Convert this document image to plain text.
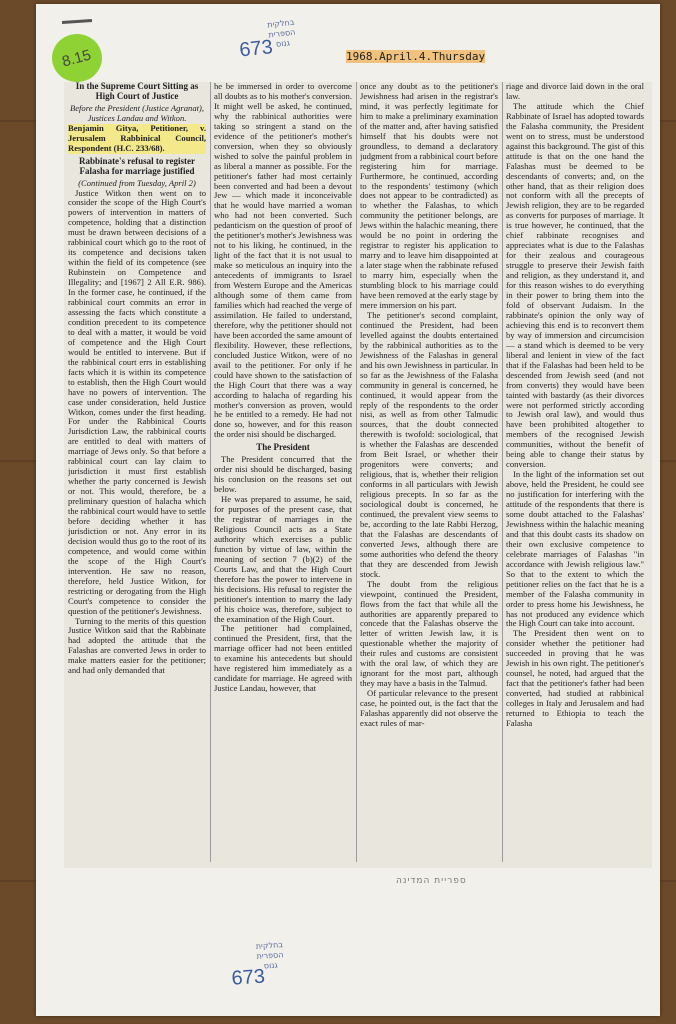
8.15
בחלקית
הספרית
גנוס
673	1968.April.4.Thursday

In the Supreme Court Sitting as High Court of Justice

Before the President (Justice Agranat), Justices Landau and Witkon.

Benjamin Gitya, Petitioner, v. Jerusalem Rabbinical Council, Respondent (H.C. 233/68).

Rabbinate's refusal to register Falasha for marriage justified

(Continued from Tuesday, April 2)

Justice Witkon then went on to consider the scope of the High Court's powers of intervention in matters of competence, holding that a distinction must be drawn between decisions of a rabbinical court which go to the root of its competence and decisions taken within the field of its competence (see Rubinstein on Competence and Illegality; and [1967] 2 All E.R. 986). In the former case, he continued, if the rabbinical court commits an error in assessing the facts which constitute a condition precedent to its competence to deal with a matter, it would be void of competence and the High Court would be entitled to intervene. But if the rabbinical court errs in establishing facts which it is within its competence to establish, then the High Court would have no powers of intervention. The case under consideration, held Justice Witkon, comes under the first heading. For under the Rabbinical Courts Jurisdiction Law, the rabbinical courts are entitled to deal with matters of marriage of Jews only. So that before a rabbinical court can lay claim to jurisdiction it must first establish whether the party concerned is Jewish or not. This would, therefore, be a preliminary question of halacha which the rabbinical court would have to settle before deciding whether it has jurisdiction or not. Any error in its decision would thus go to the root of its competence, and would come within the scope of the High Court's intervention. He saw no reason, therefore, held Justice Witkon, for restricting or derogating from the High Court's competence to consider the question of the petitioner's Jewishness.

Turning to the merits of this question Justice Witkon said that the Rabbinate had adopted the attitude that the Falashas are converted Jews in order to make matters easier for the petitioner; and had only demanded that

he be immersed in order to overcome all doubts as to his mother's conversion. It might well be asked, he continued, why the rabbinical authorities were taking so stringent a stand on the evidence of the petitioner's mother's conversion, when they so obviously wished to solve the painful problem in as liberal a manner as possible. For the petitioner's father had most certainly been converted and had been a devout Jew — which made it inconceivable that he would have married a woman who had not been converted. Such pedanticism on the question of proof of the petitioner's mother's Jewishness was not to his liking, he continued, in the light of the fact that it is not usual to make so meticulous an inquiry into the antecedents of immigrants to Israel from Western Europe and the Americas although some of them came from families which had reached the verge of assimilation. He failed to understand, therefore, why the petitioner should not have been accorded the same amount of flexibility. However, these reflections, concluded Justice Witkon, were of no avail to the petitioner. For only if he could have shown to the satisfaction of the High Court that there was a way according to halacha of regarding his mother's conversion as proven, would he be entitled to a remedy. He had not done so, however, and for this reason the order nisi should be discharged.

The President

The President concurred that the order nisi should be discharged, basing his conclusion on the reasons set out below.

He was prepared to assume, he said, for purposes of the present case, that the registrar of marriages in the Religious Council acts as a State authority which exercises a public function by virtue of law, within the meaning of section 7 (b)(2) of the Courts Law, and that the High Court therefore has the power to intervene in his decisions. His refusal to register the petitioner's intention to marry the lady of his choice was, therefore, subject to the examination of the High Court.

The petitioner had complained, continued the President, first, that the marriage officer had not been entitled to examine his antecedents but should have registered him immediately as a candidate for marriage. He agreed with Justice Landau, however, that

once any doubt as to the petitioner's Jewishness had arisen in the registrar's mind, it was perfectly legitimate for him to make a preliminary examination of the matter and, after having satisfied himself that his doubts were not groundless, to demand a declaratory judgment from a rabbinical court before registering him for marriage. Furthermore, he continued, according to the respondents' testimony (which does not appear to be contradicted) as to whether the Falashas, to which community the petitioner belongs, are Jews within the halachic meaning, there would be no point in ordering the registrar to register his application to marry and to leave him disappointed at a later stage when the rabbinate refused to marry him, especially when the stumbling block to his marriage could have been removed at the early stage by mere immersion on his part.

The petitioner's second complaint, continued the President, had been levelled against the doubts entertained by the rabbinical authorities as to the Jewishness of the Falashas in general and his own Jewishness in particular. In so far as the Jewishness of the Falasha community in general is concerned, he continued, it would appear from the reply of the respondents to the order nisi, as well as from other Talmudic sources, that the doubt connected therewith is twofold: sociological, that is whether the Falashas are descended from Beit Israel, or whether their progenitors were converts; and religious, that is, whether their religion conforms in all particulars with Jewish religious precepts. In so far as the sociological doubt is concerned, he continued, the prevalent view seems to be, according to the late Rabbi Herzog, that the Falashas are descendants of converted Jews, although there are some authorities who defend the theory that they are descended from Jewish stock.

The doubt from the religious viewpoint, continued the President, flows from the fact that while all the authorities are apparently prepared to concede that the Falashas observe the letter of written Jewish law, it is questionable whether the majority of their rules and customs are consistent with the oral law, of which they are ignorant for the most part, although they may have a basis in the Talmud.

Of particular relevance to the present case, he pointed out, is the fact that the Falashas apparently did not observe the exact rules of mar-

riage and divorce laid down in the oral law.

The attitude which the Chief Rabbinate of Israel has adopted towards the Falasha community, the President went on to stress, must be understood against this background. The gist of this attitude is that on the one hand the Falashas must be deemed to be descendants of converts; and, on the other hand, that as their religion does not conform with all the precepts of Jewish religion, they are to be regarded as converts for purposes of marriage. It is true however, he continued, that the chief rabbinate recognises and appreciates what is due to the Falashas for their zealous and courageous struggle to preserve their Jewish faith and religion, as they understand it, and for this reason wishes to do everything in their power to bring them into the fold of observant Judaism. In the rabbinate's opinion the only way of achieving this end is to reconvert them by way of immersion and circumcision — a stand which is deemed to be very liberal and lenient in view of the fact that if the Falashas had been held to be descended from Jewish seed (and not from converts) they would have been tainted with bastardy (as their divorces were not performed strictly according to Jewish oral law), and would thus have been prohibited altogether to members of the recognised Jewish communities, without the benefit of being able to change their status by conversion.

In the light of the information set out above, held the President, he could see no justification for interfering with the attitude of the respondents that there is some doubt attached to the Falashas' Jewishness within the halachic meaning and that this doubt casts its shadow on their own exclusive competence to celebrate marriages of Falashas "in accordance with Jewish religious law." So that to the extent to which the petitioner relies on the fact that he is a member of the Falasha community in order to press home his Jewishness, he has not produced any evidence which the High Court can take into account.

The President then went on to consider whether the petitioner had succeeded in proving that he was Jewish in his own right. The petitioner's counsel, he noted, had argued that the fact that the petitioner's father had been converted, had studied at rabbinical colleges in Italy and Jerusalem and had returned to Ethiopia to teach the Falasha

ספריית המדינה
בחלקית
הספרית
גנוס
673
